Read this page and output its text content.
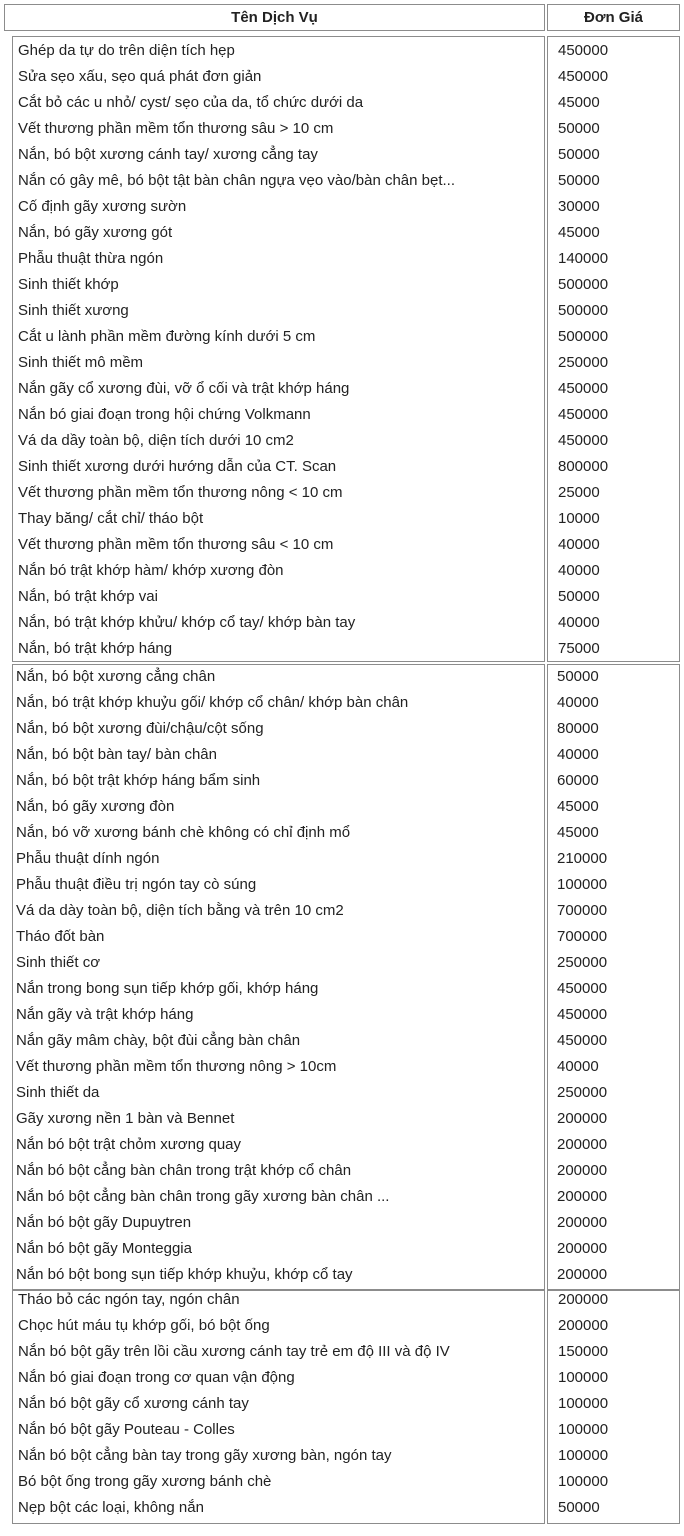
Tên Dịch Vụ	Đơn Giá
Ghép da tự do trên diện tích hẹp	450000
Sửa sẹo xấu, sẹo quá phát đơn giản	450000
Cắt bỏ các u nhỏ/ cyst/ sẹo của da, tổ chức dưới da	45000
Vết thương phần mềm tổn thương sâu > 10 cm	50000
Nắn, bó bột xương cánh tay/ xương cẳng tay	50000
Nắn có gây mê, bó bột tật bàn chân ngựa vẹo vào/bàn chân bẹt...	50000
Cố định gãy xương sườn	30000
Nắn, bó gãy xương gót	45000
Phẫu thuật thừa ngón	140000
Sinh thiết khớp	500000
Sinh thiết xương	500000
Cắt u lành phần mềm đường kính dưới 5 cm	500000
Sinh thiết mô mềm	250000
Nắn gãy cổ xương đùi, vỡ ổ cối và trật khớp háng	450000
Nắn bó giai đoạn trong hội chứng Volkmann	450000
Vá da dầy toàn bộ, diện tích dưới 10 cm2	450000
Sinh thiết xương dưới hướng dẫn của CT. Scan	800000
Vết thương phần mềm tổn thương nông < 10 cm	25000
Thay băng/ cắt chỉ/ tháo bột	10000
Vết thương phần mềm tổn thương sâu < 10 cm	40000
Nắn bó trật khớp hàm/ khớp xương đòn	40000
Nắn, bó trật khớp vai	50000
Nắn, bó trật khớp khửu/ khớp cổ tay/ khớp bàn tay	40000
Nắn, bó trật khớp háng	75000
Nắn, bó bột xương cẳng chân	50000
Nắn, bó trật khớp khuỷu gối/ khớp cổ chân/ khớp bàn chân	40000
Nắn, bó bột xương đùi/chậu/cột sống	80000
Nắn, bó bột bàn tay/ bàn chân	40000
Nắn, bó bột trật khớp háng bẩm sinh	60000
Nắn, bó gãy xương đòn	45000
Nắn, bó vỡ xương bánh chè không có chỉ định mổ	45000
Phẫu thuật dính ngón	210000
Phẫu thuật điều trị ngón tay cò súng	100000
Vá da dày toàn bộ, diện tích bằng và trên 10 cm2	700000
Tháo đốt bàn	700000
Sinh thiết cơ	250000
Nắn trong bong sụn tiếp khớp gối, khớp háng	450000
Nắn gãy và trật khớp háng	450000
Nắn gãy mâm chày, bột đùi cẳng bàn chân	450000
Vết thương phần mềm tổn thương nông > 10cm	40000
Sinh thiết da	250000
Gãy xương nền 1 bàn và Bennet	200000
Nắn bó bột trật chỏm xương quay	200000
Nắn bó bột cẳng bàn chân trong trật khớp cổ chân	200000
Nắn bó bột cẳng bàn chân trong gãy xương bàn chân ...	200000
Nắn bó bột gãy Dupuytren	200000
Nắn bó bột gãy Monteggia	200000
Nắn bó bột bong sụn tiếp khớp khuỷu, khớp cổ tay	200000
Tháo bỏ các ngón tay, ngón chân	200000
Chọc hút máu tụ khớp gối, bó bột ống	200000
Nắn bó bột gãy trên lồi cầu xương cánh tay trẻ em độ III và độ IV	150000
Nắn bó giai đoạn trong cơ quan vận động	100000
Nắn bó bột gãy cổ xương cánh tay	100000
Nắn bó bột gãy Pouteau - Colles	100000
Nắn bó bột cẳng bàn tay trong gãy xương bàn, ngón tay	100000
Bó bột ống trong gãy xương bánh chè	100000
Nẹp bột các loại, không nắn	50000
